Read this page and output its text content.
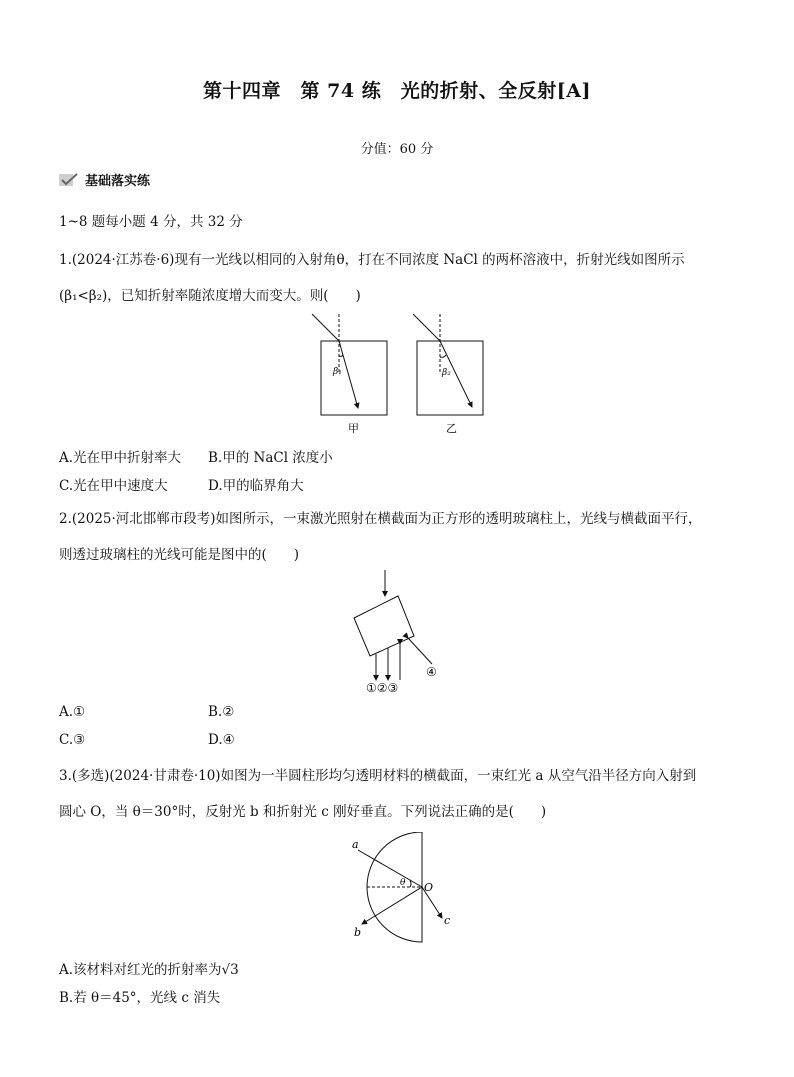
第十四章　第 74 练　光的折射、全反射[A]
分值：60 分
基础落实练
1~8 题每小题 4 分，共 32 分
1.(2024·江苏卷·6)现有一光线以相同的入射角θ，打在不同浓度 NaCl 的两杯溶液中，折射光线如图所示
(β₁<β₂)，已知折射率随浓度增大而变大。则(　　)
β₁
甲
β₂
乙
A.光在甲中折射率大 B.甲的 NaCl 浓度小
C.光在甲中速度大	D.甲的临界角大
2.(2025·河北邯郸市段考)如图所示，一束激光照射在横截面为正方形的透明玻璃柱上，光线与横截面平行，
则透过玻璃柱的光线可能是图中的(　　)
①②③
④
A.①	B.②
C.③	D.④
3.(多选)(2024·甘肃卷·10)如图为一半圆柱形均匀透明材料的横截面，一束红光 a 从空气沿半径方向入射到
圆心 O，当 θ＝30°时，反射光 b 和折射光 c 刚好垂直。下列说法正确的是(　　)
a
b
c
O
θ
A.该材料对红光的折射率为√3
B.若 θ＝45°，光线 c 消失
